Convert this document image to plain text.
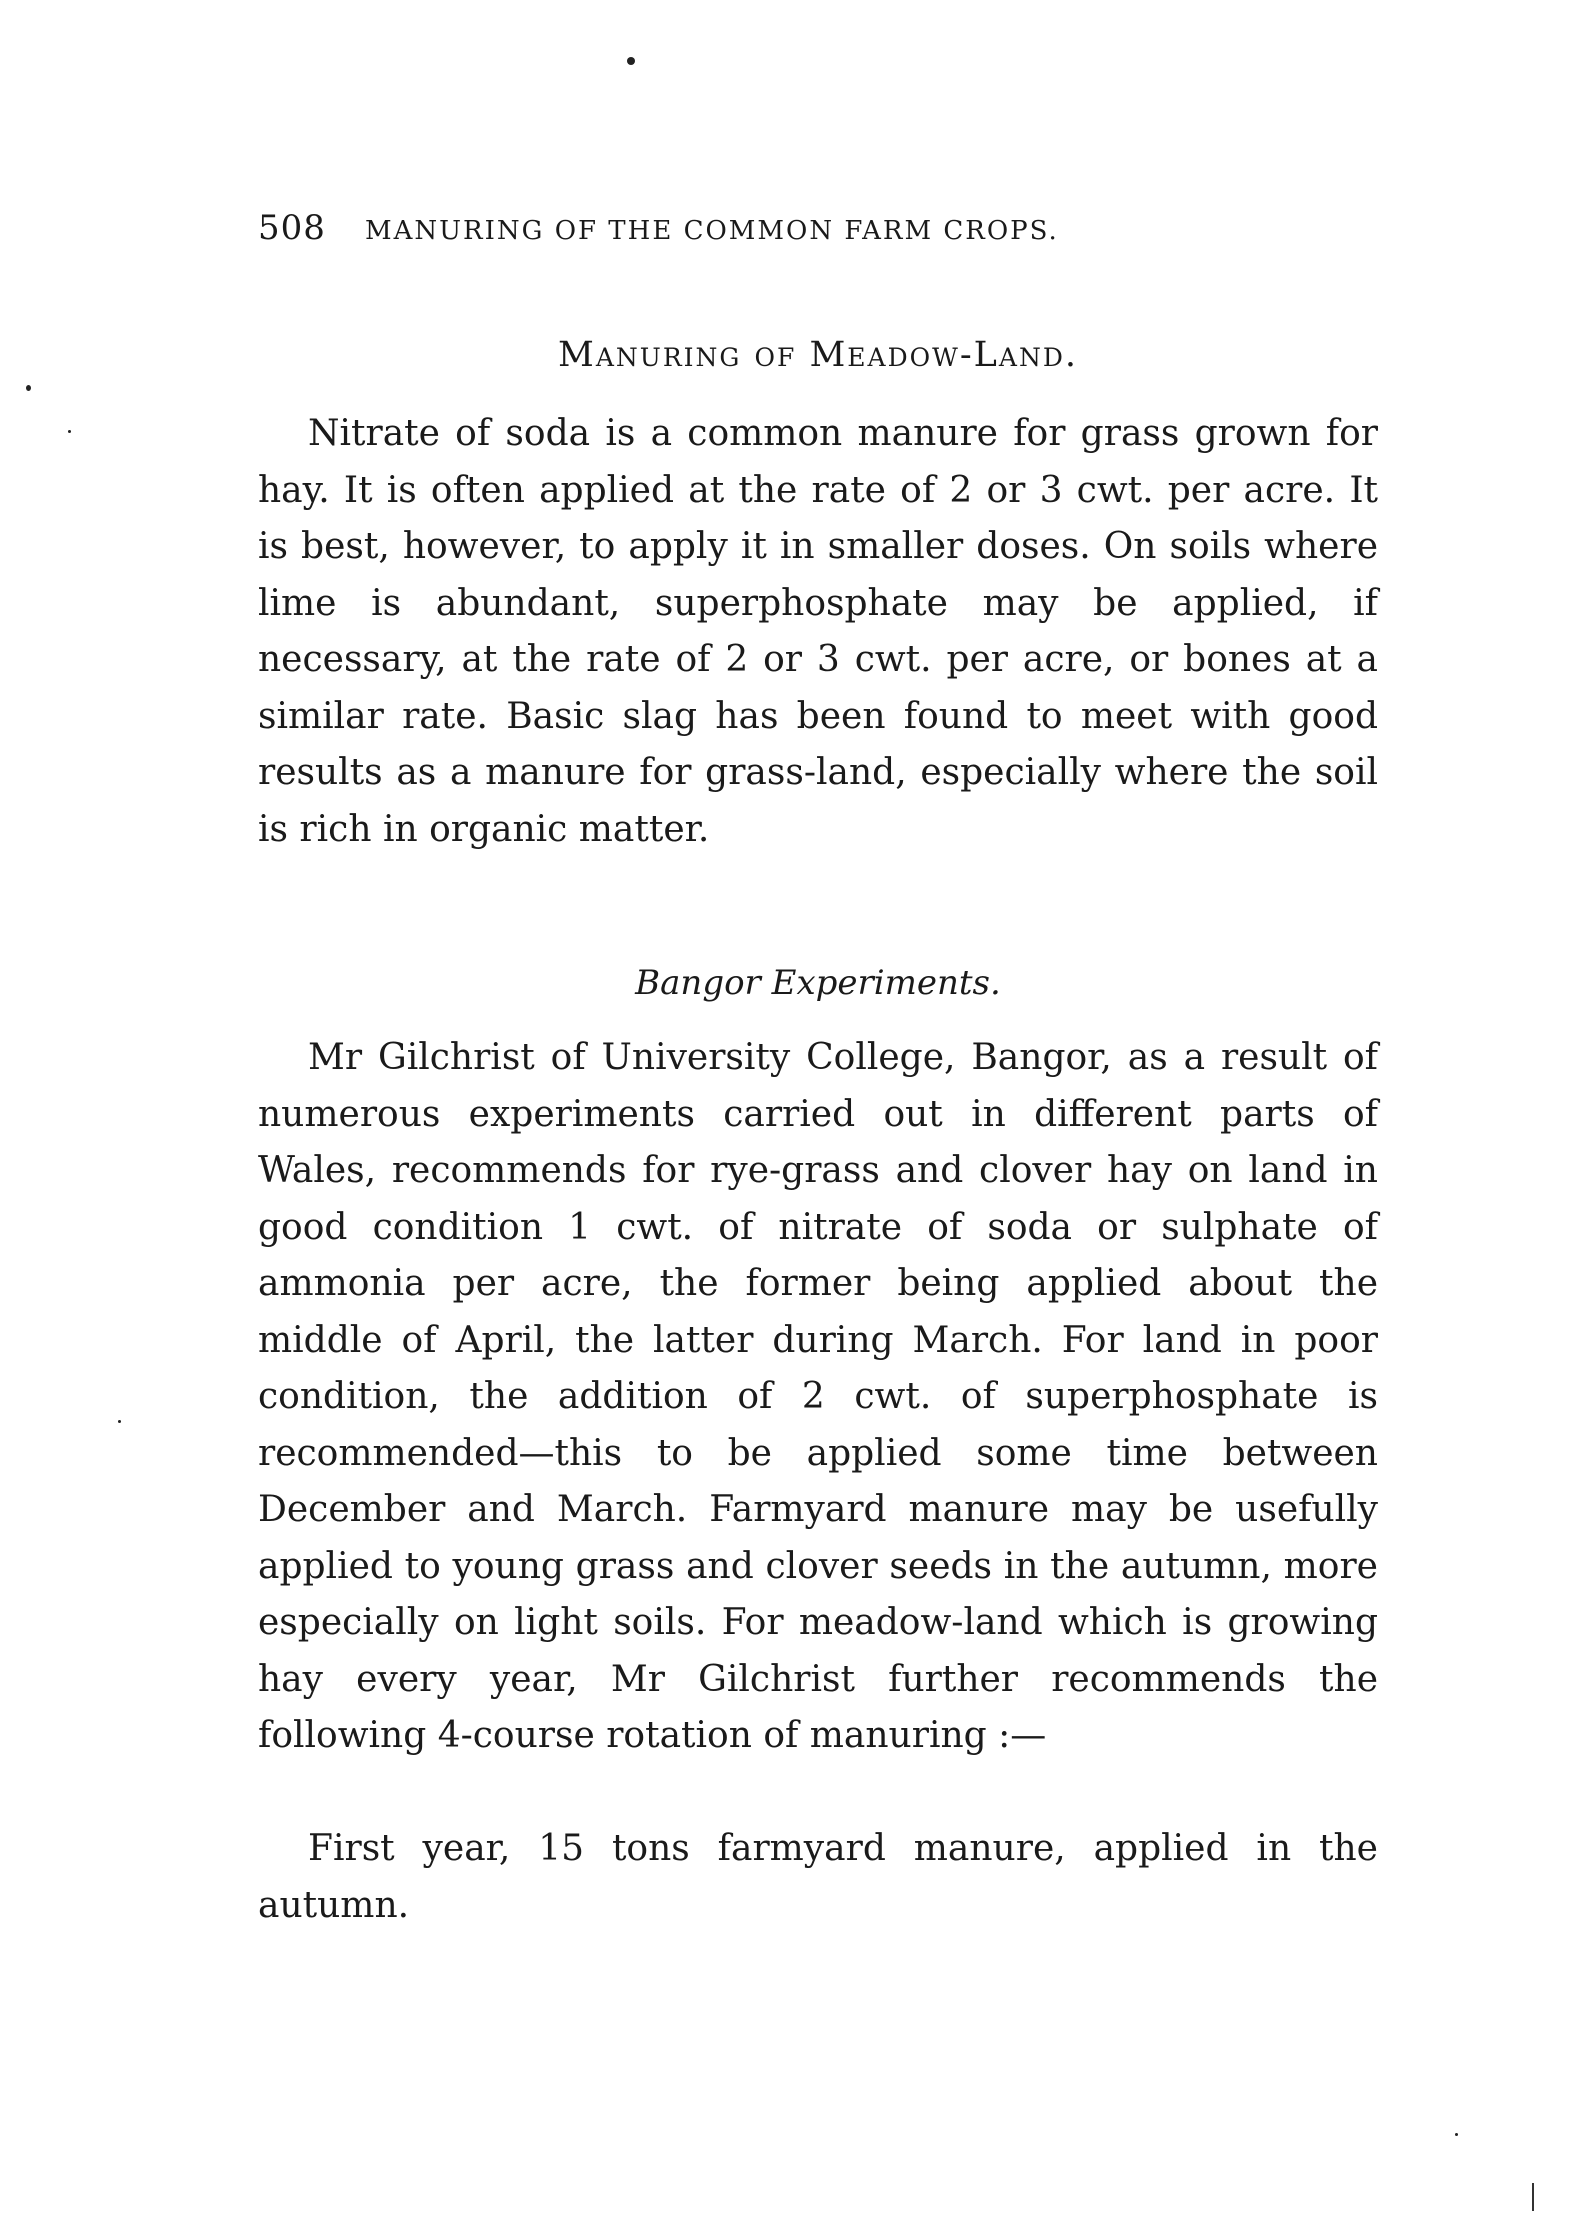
508 MANURING OF THE COMMON FARM CROPS.
Manuring of Meadow-Land.

Nitrate of soda is a common manure for grass grown for hay. It is often applied at the rate of 2 or 3 cwt. per acre. It is best, however, to apply it in smaller doses. On soils where lime is abundant, superphosphate may be applied, if necessary, at the rate of 2 or 3 cwt. per acre, or bones at a similar rate. Basic slag has been found to meet with good results as a manure for grass-land, especially where the soil is rich in organic matter.

Bangor Experiments.

Mr Gilchrist of University College, Bangor, as a result of numerous experiments carried out in different parts of Wales, recommends for rye-grass and clover hay on land in good condition 1 cwt. of nitrate of soda or sulphate of ammonia per acre, the former being applied about the middle of April, the latter during March. For land in poor condition, the addition of 2 cwt. of superphosphate is recommended—this to be applied some time between December and March. Farmyard manure may be usefully applied to young grass and clover seeds in the autumn, more especially on light soils. For meadow-land which is growing hay every year, Mr Gilchrist further recommends the following 4-course rotation of manuring :—

First year, 15 tons farmyard manure, applied in the autumn.
